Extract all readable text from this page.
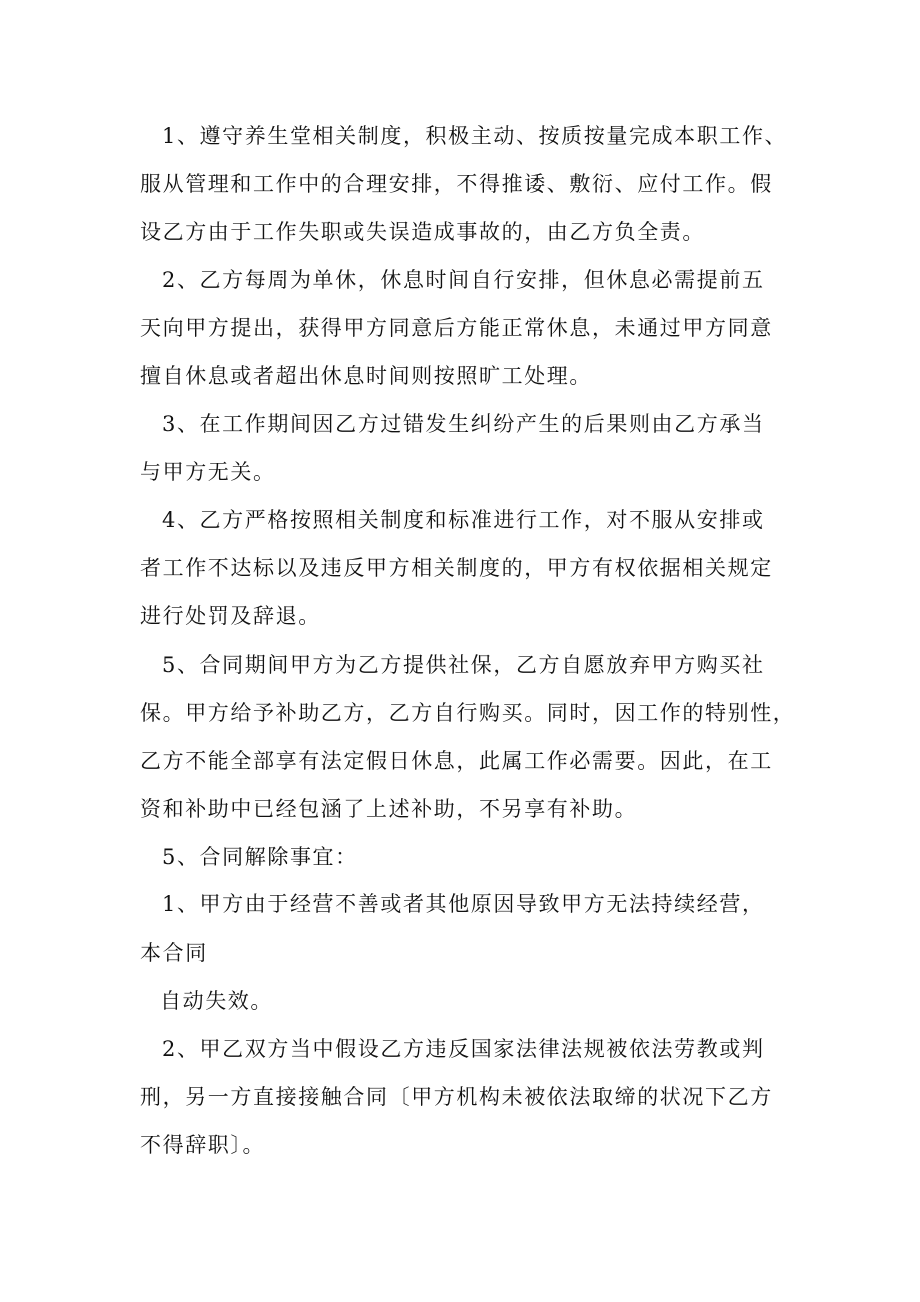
1、遵守养生堂相关制度，积极主动、按质按量完成本职工作、
服从管理和工作中的合理安排，不得推诿、敷衍、应付工作。假
设乙方由于工作失职或失误造成事故的，由乙方负全责。
2、乙方每周为单休，休息时间自行安排，但休息必需提前五
天向甲方提出，获得甲方同意后方能正常休息，未通过甲方同意
擅自休息或者超出休息时间则按照旷工处理。
3、在工作期间因乙方过错发生纠纷产生的后果则由乙方承当
与甲方无关。
4、乙方严格按照相关制度和标准进行工作，对不服从安排或
者工作不达标以及违反甲方相关制度的，甲方有权依据相关规定
进行处罚及辞退。
5、合同期间甲方为乙方提供社保，乙方自愿放弃甲方购买社
保。甲方给予补助乙方，乙方自行购买。同时，因工作的特别性，
乙方不能全部享有法定假日休息，此属工作必需要。因此，在工
资和补助中已经包涵了上述补助，不另享有补助。
5、合同解除事宜：
1、甲方由于经营不善或者其他原因导致甲方无法持续经营，
本合同
自动失效。
2、甲乙双方当中假设乙方违反国家法律法规被依法劳教或判
刑，另一方直接接触合同〔甲方机构未被依法取缔的状况下乙方
不得辞职〕。
